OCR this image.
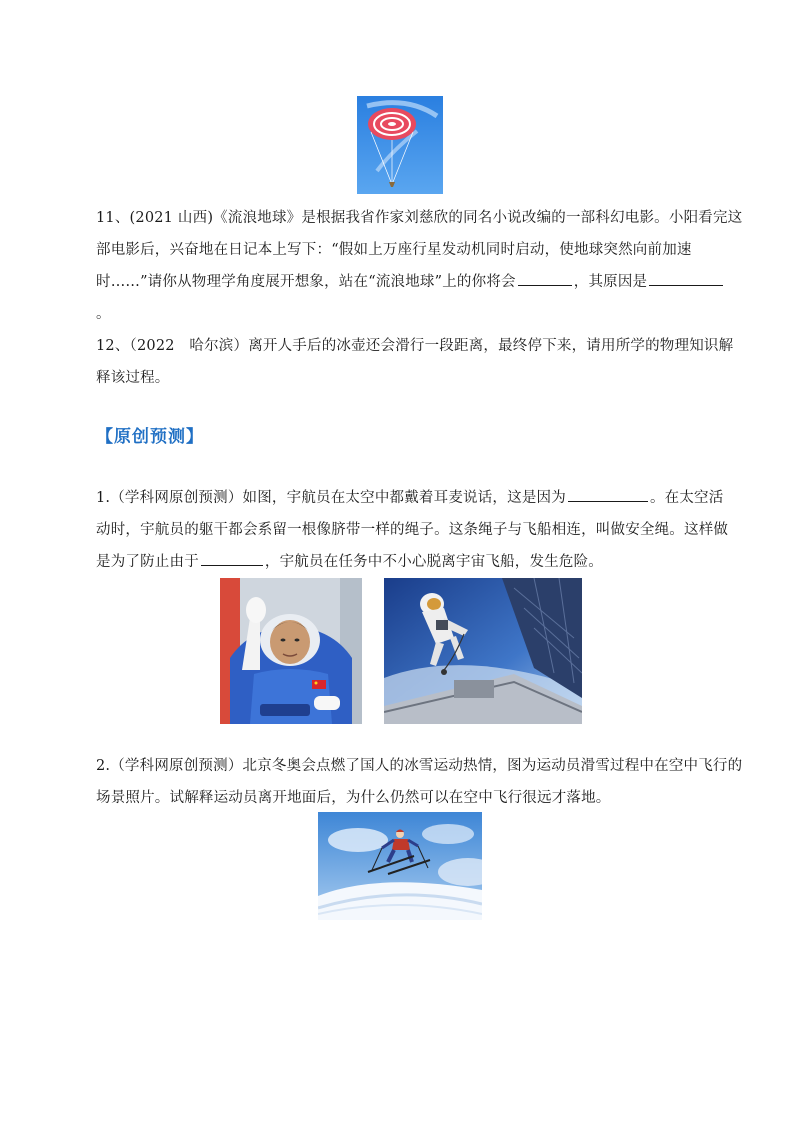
11、(2021 山西)《流浪地球》是根据我省作家刘慈欣的同名小说改编的一部科幻电影。小阳看完这

部电影后，兴奋地在日记本上写下：“假如上万座行星发动机同时启动，使地球突然向前加速

时……”请你从物理学角度展开想象，站在“流浪地球”上的你将会	，其原因是

。

12、（2022　哈尔滨）离开人手后的冰壶还会滑行一段距离，最终停下来，请用所学的物理知识解

释该过程。

【原创预测】

1.（学科网原创预测）如图，宇航员在太空中都戴着耳麦说话，这是因为	。在太空活

动时，宇航员的躯干都会系留一根像脐带一样的绳子。这条绳子与飞船相连，叫做安全绳。这样做

是为了防止由于	，宇航员在任务中不小心脱离宇宙飞船，发生危险。

2.（学科网原创预测）北京冬奥会点燃了国人的冰雪运动热情，图为运动员滑雪过程中在空中飞行的

场景照片。试解释运动员离开地面后，为什么仍然可以在空中飞行很远才落地。
